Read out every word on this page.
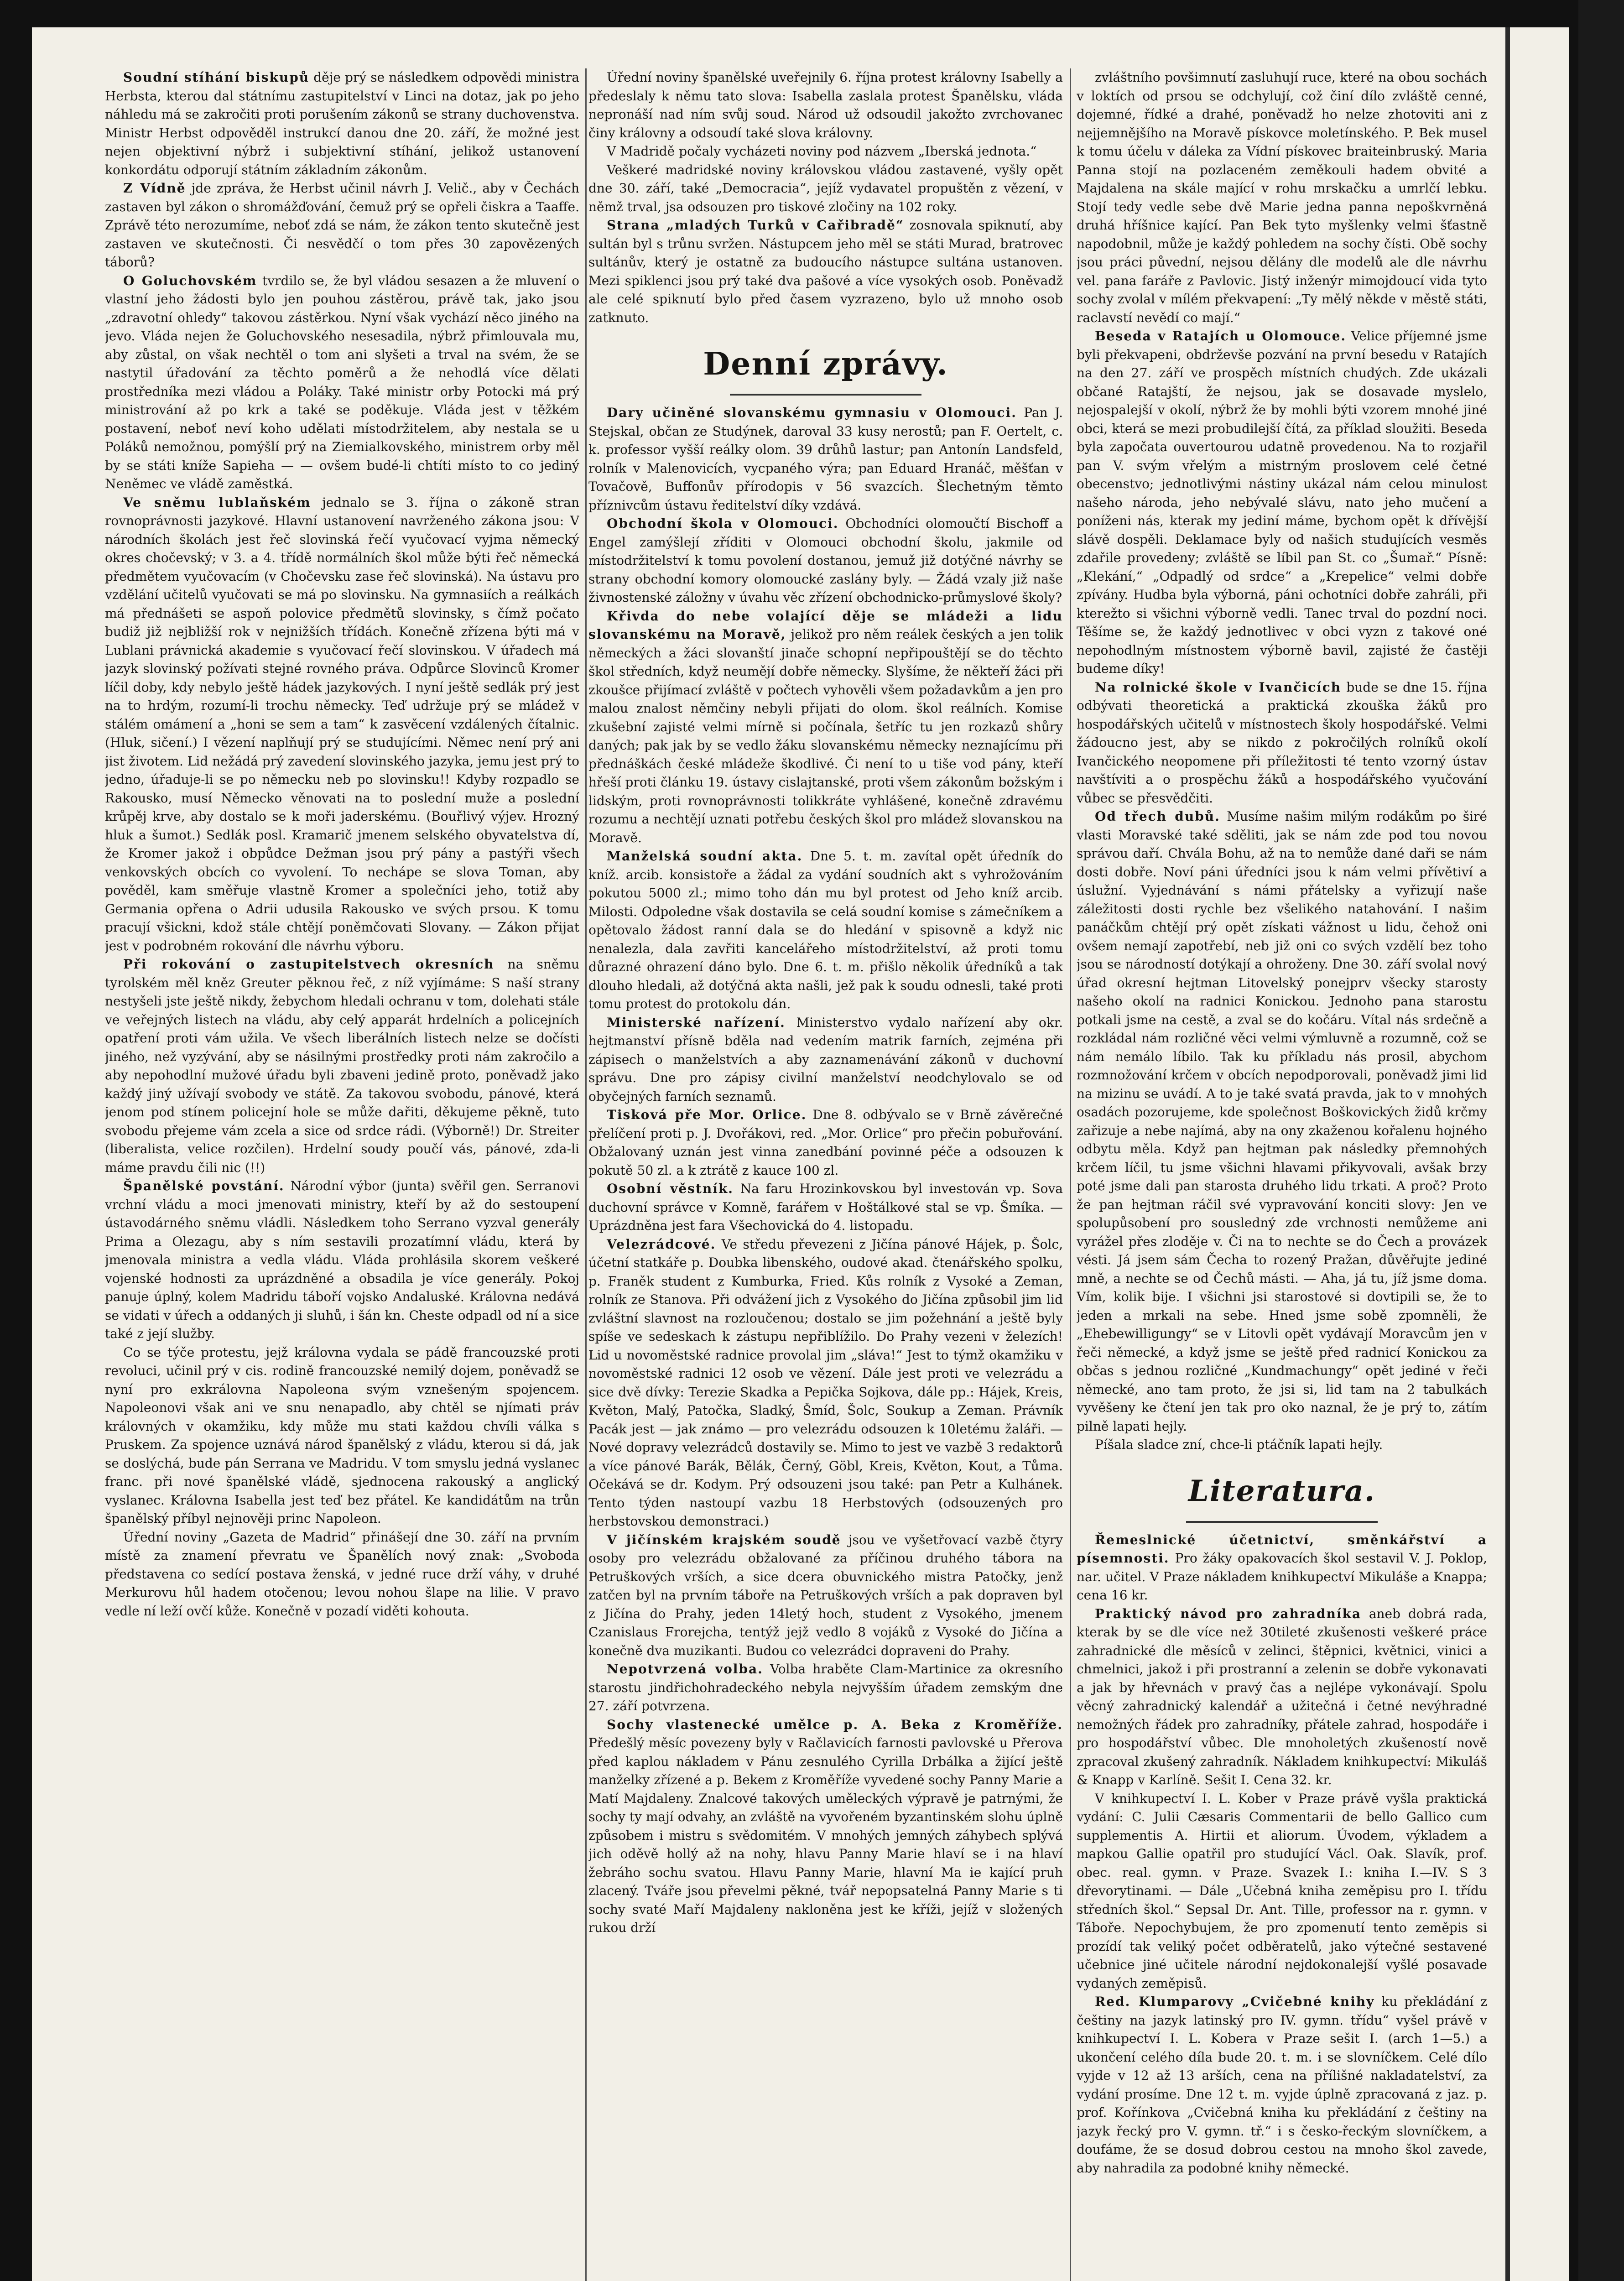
Soudní stíhání biskupů děje prý se následkem odpovědi ministra Herbsta, kterou dal státnímu zastupitelství v Linci na dotaz, jak po jeho náhledu má se zakročiti proti porušením zákonů se strany duchovenstva. Ministr Herbst odpověděl instrukcí danou dne 20. září, že možné jest nejen objektivní nýbrž i subjektivní stíhání, jelikož ustanovení konkordátu odporují státním základním zákonům.

Z Vídně jde zpráva, že Herbst učinil návrh J. Velič., aby v Čechách zastaven byl zákon o shromážďování, čemuž prý se opřeli čiskra a Taaffe. Zprávě této nerozumíme, neboť zdá se nám, že zákon tento skutečně jest zastaven ve skutečnosti. Či nesvědčí o tom přes 30 zapovězených táborů?

O Goluchovském tvrdilo se, že byl vládou sesazen a že mluvení o vlastní jeho žádosti bylo jen pouhou zástěrou, právě tak, jako jsou „zdravotní ohledy“ takovou zástěrkou. Nyní však vychází něco jiného na jevo. Vláda nejen že Goluchovského nesesadila, nýbrž přimlouvala mu, aby zůstal, on však nechtěl o tom ani slyšeti a trval na svém, že se nastytil úřadování za těchto poměrů a že nehodlá více dělati prostředníka mezi vládou a Poláky. Také ministr orby Potocki má prý ministrování až po krk a také se poděkuje. Vláda jest v těžkém postavení, neboť neví koho udělati místodržitelem, aby nestala se u Poláků nemožnou, pomýšlí prý na Ziemialkovského, ministrem orby měl by se státi kníže Sapieha — — ovšem budé-li chtíti místo to co jediný Neněmec ve vládě zaměstká.

Ve sněmu lublaňském jednalo se 3. října o zákoně stran rovnoprávnosti jazykové. Hlavní ustanovení navrženého zákona jsou: V národních školách jest řeč slovinská řečí vyučovací vyjma německý okres chočevský; v 3. a 4. třídě normálních škol může býti řeč německá předmětem vyučovacím (v Chočevsku zase řeč slovinská). Na ústavu pro vzdělání učitelů vyučovati se má po slovinsku. Na gymnasiích a reálkách má přednášeti se aspoň polovice předmětů slovinsky, s čímž počato budiž již nejbližší rok v nejnižších třídách. Konečně zřízena býti má v Lublani právnická akademie s vyučovací řečí slovinskou. V úřadech má jazyk slovinský požívati stejné rovného práva. Odpůrce Slovinců Kromer líčil doby, kdy nebylo ještě hádek jazykových. I nyní ještě sedlák prý jest na to hrdým, rozumí-li trochu německy. Teď udržuje prý se mládež v stálém omámení a „honi se sem a tam“ k zasvěcení vzdálených čítalnic. (Hluk, sičení.) I vězení naplňují prý se studujícími. Němec není prý ani jist životem. Lid nežádá prý zavedení slovinského jazyka, jemu jest prý to jedno, úřaduje-li se po německu neb po slovinsku!! Kdyby rozpadlo se Rakousko, musí Německo věnovati na to poslední muže a poslední krůpěj krve, aby dostalo se k moři jaderskému. (Bouřlivý výjev. Hrozný hluk a šumot.) Sedlák posl. Kramarič jmenem selského obyvatelstva dí, že Kromer jakož i obpůdce Dežman jsou prý pány a pastýři všech venkovských obcích co vyvolení. To nechápe se slova Toman, aby pověděl, kam směřuje vlastně Kromer a společníci jeho, totiž aby Germania opřena o Adrii udusila Rakousko ve svých prsou. K tomu pracují všickni, kdož stále chtějí poněmčovati Slovany. — Zákon přijat jest v podrobném rokování dle návrhu výboru.

Při rokování o zastupitelstvech okresních na sněmu tyrolském měl kněz Greuter pěknou řeč, z níž vyjímáme: S naší strany nestyšeli jste ještě nikdy, žebychom hledali ochranu v tom, dolehati stále ve veřejných listech na vládu, aby celý apparát hrdelních a policejních opatření proti vám užila. Ve všech liberálních listech nelze se dočísti jiného, než vyzývání, aby se násilnými prostředky proti nám zakročilo a aby nepohodlní mužové úřadu byli zbaveni jedině proto, poněvadž jako každý jiný užívají svobody ve státě. Za takovou svobodu, pánové, která jenom pod stínem policejní hole se může dařiti, děkujeme pěkně, tuto svobodu přejeme vám zcela a sice od srdce rádi. (Výborně!) Dr. Streiter (liberalista, velice rozčilen). Hrdelní soudy poučí vás, pánové, zda-li máme pravdu čili nic (!!)

Španělské povstání. Národní výbor (junta) svěřil gen. Serranovi vrchní vládu a moci jmenovati ministry, kteří by až do sestoupení ústavodárného sněmu vládli. Následkem toho Serrano vyzval generály Prima a Olezagu, aby s ním sestavili prozatímní vládu, která by jmenovala ministra a vedla vládu. Vláda prohlásila skorem veškeré vojenské hodnosti za uprázdněné a obsadila je více generály. Pokoj panuje úplný, kolem Madridu táboří vojsko Andaluské. Královna nedává se vidati v úřech a oddaných ji sluhů, i šán kn. Cheste odpadl od ní a sice také z její služby.

Co se týče protestu, jejž královna vydala se pádě francouzské proti revoluci, učinil prý v cis. rodině francouzské nemilý dojem, poněvadž se nyní pro exkrálovna Napoleona svým vznešeným spojencem. Napoleonovi však ani ve snu nenapadlo, aby chtěl se njímati práv královných v okamžiku, kdy může mu stati každou chvíli válka s Pruskem. Za spojence uznává národ španělský z vládu, kterou si dá, jak se doslýchá, bude pán Serrana ve Madridu. V tom smyslu jedná vyslanec franc. při nové španělské vládě, sjednocena rakouský a anglický vyslanec. Královna Isabella jest teď bez přátel. Ke kandidátům na trůn španělský příbyl nejnověji princ Napoleon.

Úřední noviny „Gazeta de Madrid“ přinášejí dne 30. září na prvním místě za znamení převratu ve Španělích nový znak: „Svoboda představena co sedící postava ženská, v jedné ruce drží váhy, v druhé Merkurovu hůl hadem otočenou; levou nohou šlape na lilie. V pravo vedle ní leží ovčí kůže. Konečně v pozadí viděti kohouta.

Úřední noviny španělské uveřejnily 6. října protest královny Isabelly a předeslaly k němu tato slova: Isabella zaslala protest Španělsku, vláda nepronáší nad ním svůj soud. Národ už odsoudil jakožto zvrchovanec činy královny a odsoudí také slova královny.

V Madridě počaly vycházeti noviny pod názvem „Iberská jednota.“

Veškeré madridské noviny královskou vládou zastavené, vyšly opět dne 30. září, také „Democracia“, jejíž vydavatel propuštěn z vězení, v němž trval, jsa odsouzen pro tiskové zločiny na 102 roky.

Strana „mladých Turků v Cařibradě“ zosnovala spiknutí, aby sultán byl s trůnu svržen. Nástupcem jeho měl se státi Murad, bratrovec sultánův, který je ostatně za budoucího nástupce sultána ustanoven. Mezi spiklenci jsou prý také dva pašové a více vysokých osob. Poněvadž ale celé spiknutí bylo před časem vyzrazeno, bylo už mnoho osob zatknuto.

Denní zprávy.

Dary učiněné slovanskému gymnasiu v Olomouci. Pan J. Stejskal, občan ze Studýnek, daroval 33 kusy nerostů; pan F. Oertelt, c. k. professor vyšší reálky olom. 39 drůhů lastur; pan Antonín Landsfeld, rolník v Malenovicích, vycpaného výra; pan Eduard Hranáč, měšťan v Tovačově, Buffonův přírodopis v 56 svazcích. Šlechetným těmto příznivcům ústavu ředitelství díky vzdává.

Obchodní škola v Olomouci. Obchodníci olomoučtí Bischoff a Engel zamýšlejí zříditi v Olomouci obchodní školu, jakmile od místodržitelství k tomu povolení dostanou, jemuž již dotýčné návrhy se strany obchodní komory olomoucké zaslány byly. — Žádá vzaly již naše živnostenské záložny v úvahu věc zřízení obchodnicko-průmyslové školy?

Křivda do nebe volající děje se mládeži a lidu slovanskému na Moravě, jelikož pro něm reálek českých a jen tolik německých a žáci slovanští jinače schopní nepřipouštějí se do těchto škol středních, když neumějí dobře německy. Slyšíme, že někteří žáci při zkoušce přijímací zvláště v počtech vyhověli všem požadavkům a jen pro malou znalost němčiny nebyli přijati do olom. škol reálních. Komise zkušební zajisté velmi mírně si počínala, šetříc tu jen rozkazů shůry daných; pak jak by se vedlo žáku slovanskému německy neznajícímu při přednáškách české mládeže škodlivé. Či není to u tiše vod pány, kteří hřeší proti článku 19. ústavy cislajtanské, proti všem zákonům božským i lidským, proti rovnoprávnosti tolikkráte vyhlášené, konečně zdravému rozumu a nechtějí uznati potřebu českých škol pro mládež slovanskou na Moravě.

Manželská soudní akta. Dne 5. t. m. zavítal opět úředník do kníž. arcib. konsistoře a žádal za vydání soudních akt s vyhrožováním pokutou 5000 zl.; mimo toho dán mu byl protest od Jeho kníž arcib. Milosti. Odpoledne však dostavila se celá soudní komise s zámečníkem a opětovalo žádost ranní dala se do hledání v spisovně a když nic nenalezla, dala zavřiti kancelářeho místodržitelství, až proti tomu důrazné ohrazení dáno bylo. Dne 6. t. m. přišlo několik úředníků a tak dlouho hledali, až dotýčná akta našli, jež pak k soudu odnesli, také proti tomu protest do protokolu dán.

Ministerské nařízení. Ministerstvo vydalo nařízení aby okr. hejtmanství přísně bděla nad vedením matrik farních, zejména při zápisech o manželstvích a aby zaznamenávání zákonů v duchovní správu. Dne pro zápisy civilní manželství neodchylovalo se od obyčejných farních seznamů.

Tisková pře Mor. Orlice. Dne 8. odbývalo se v Brně závěrečné přelíčení proti p. J. Dvořákovi, red. „Mor. Orlice“ pro přečin pobuřování. Obžalovaný uznán jest vinna zanedbání povinné péče a odsouzen k pokutě 50 zl. a k ztrátě z kauce 100 zl.

Osobní věstník. Na faru Hrozinkovskou byl investován vp. Sova duchovní správce v Komně, farářem v Hoštálkové stal se vp. Šmíka. — Uprázdněna jest fara Všechovická do 4. listopadu.

Velezrádcové. Ve středu převezeni z Jičína pánové Hájek, p. Šolc, účetní statkáře p. Doubka libenského, oudové akad. čtenářského spolku, p. Franěk student z Kumburka, Fried. Kůs rolník z Vysoké a Zeman, rolník ze Stanova. Při odvážení jich z Vysokého do Jičína způsobil jim lid zvláštní slavnost na rozloučenou; dostalo se jim požehnání a ještě byly spíše ve sedeskach k zástupu nepřiblížilo. Do Prahy vezeni v železích! Lid u novoměstské radnice provolal jim „sláva!“ Jest to týmž okamžiku v novoměstské radnici 12 osob ve vězení. Dále jest proti ve velezrádu a sice dvě dívky: Terezie Skadka a Pepička Sojkova, dále pp.: Hájek, Kreis, Květon, Malý, Patočka, Sladký, Šmíd, Šolc, Soukup a Zeman. Právník Pacák jest — jak známo — pro velezrádu odsouzen k 10letému žaláři. — Nové dopravy velezrádců dostavily se. Mimo to jest ve vazbě 3 redaktorů a více pánové Barák, Bělák, Černý, Göbl, Kreis, Květon, Kout, a Tůma. Očekává se dr. Kodym. Prý odsouzeni jsou také: pan Petr a Kulhánek. Tento týden nastoupí vazbu 18 Herbstových (odsouzených pro herbstovskou demonstraci.)

V jičínském krajském soudě jsou ve vyšetřovací vazbě čtyry osoby pro velezrádu obžalované za příčinou druhého tábora na Petruškových vrších, a sice dcera obuvnického mistra Patočky, jenž zatčen byl na prvním táboře na Petruškových vrších a pak dopraven byl z Jičína do Prahy, jeden 14letý hoch, student z Vysokého, jmenem Czanislaus Frorejcha, tentýž jejž vedlo 8 vojáků z Vysoké do Jičína a konečně dva muzikanti. Budou co velezrádci dopraveni do Prahy.

Nepotvrzená volba. Volba hraběte Clam-Martinice za okresního starostu jindřichohradeckého nebyla nejvyšším úřadem zemským dne 27. září potvrzena.

Sochy vlastenecké umělce p. A. Beka z Kroměříže. Předešlý měsíc povezeny byly v Račlavicích farnosti pavlovské u Přerova před kaplou nákladem v Pánu zesnulého Cyrilla Drbálka a žijící ještě manželky zřízené a p. Bekem z Kroměříže vyvedené sochy Panny Marie a Matí Majdaleny. Znalcové takových uměleckých výpravě je patrnými, že sochy ty mají odvahy, an zvláště na vyvořeném byzantinském slohu úplně způsobem i mistru s svědomitém. V mnohých jemných záhybech splývá jich oděvě hollý až na nohy, hlavu Panny Marie hlaví se i na hlaví žebráho sochu svatou. Hlavu Panny Marie, hlavní Ma ie kající pruh zlacený. Tváře jsou převelmi pěkné, tvář nepopsatelná Panny Marie s ti sochy svaté Maří Majdaleny nakloněna jest ke kříži, jejíž v složených rukou drží

zvláštního povšimnutí zasluhují ruce, které na obou sochách v loktích od prsou se odchylují, což činí dílo zvláště cenné, dojemné, řídké a drahé, poněvadž ho nelze zhotoviti ani z nejjemnějšího na Moravě pískovce moletínského. P. Bek musel k tomu účelu v dáleka za Vídní pískovec braiteinbruský. Maria Panna stojí na pozlaceném zeměkouli hadem obvité a Majdalena na skále mající v rohu mrskačku a umrlčí lebku. Stojí tedy vedle sebe dvě Marie jedna panna nepoškvrněná druhá hříšnice kající. Pan Bek tyto myšlenky velmi šťastně napodobnil, může je každý pohledem na sochy čísti. Obě sochy jsou práci půvední, nejsou dělány dle modelů ale dle návrhu vel. pana faráře z Pavlovic. Jistý inženýr mimojdoucí vida tyto sochy zvolal v mílém překvapení: „Ty mělý někde v městě státi, raclavstí nevědí co mají.“

Beseda v Ratajích u Olomouce. Velice příjemné jsme byli překvapeni, obdrževše pozvání na první besedu v Ratajích na den 27. září ve prospěch místních chudých. Zde ukázali občané Ratajští, že nejsou, jak se dosavade myslelo, nejospalejší v okolí, nýbrž že by mohli býti vzorem mnohé jiné obci, která se mezi probudilejší čítá, za příklad sloužiti. Beseda byla započata ouvertourou udatně provedenou. Na to rozjařil pan V. svým vřelým a mistrným proslovem celé četné obecenstvo; jednotlivými nástiny ukázal nám celou minulost našeho národa, jeho nebývalé slávu, nato jeho mučení a poníženi nás, kterak my jediní máme, bychom opět k dřívější slávě dospěli. Deklamace byly od našich studujících vesměs zdařile provedeny; zvláště se líbil pan St. co „Šumař.“ Písně: „Klekání,“ „Odpadlý od srdce“ a „Krepelice“ velmi dobře zpívány. Hudba byla výborná, páni ochotníci dobře zahráli, při kterežto si všichni výborně vedli. Tanec trval do pozdní noci. Těšíme se, že každý jednotlivec v obci vyzn z takové oné nepohodlným místnostem výborně bavil, zajisté že častěji budeme díky!

Na rolnické škole v Ivančicích bude se dne 15. října odbývati theoretická a praktická zkouška žáků pro hospodářských učitelů v místnostech školy hospodářské. Velmi žádoucno jest, aby se nikdo z pokročilých rolníků okolí Ivančického neopomene při příležitosti té tento vzorný ústav navštíviti a o prospěchu žáků a hospodářského vyučování vůbec se přesvědčiti.

Od třech dubů. Musíme našim milým rodákům po širé vlasti Moravské také sděliti, jak se nám zde pod tou novou správou daří. Chvála Bohu, až na to nemůže dané daři se nám dosti dobře. Noví páni úředníci jsou k nám velmi přívětiví a úslužní. Vyjednávání s námi přátelsky a vyřizují naše záležitosti dosti rychle bez všelikého natahování. I našim panáčkům chtějí prý opět získati vážnost u lidu, čehož oni ovšem nemají zapotřebí, neb již oni co svých vzdělí bez toho jsou se národností dotýkají a ohroženy. Dne 30. září svolal nový úřad okresní hejtman Litovelský ponejprv všecky starosty našeho okolí na radnici Konickou. Jednoho pana starostu potkali jsme na cestě, a zval se do kočáru. Vítal nás srdečně a rozkládal nám rozličné věci velmi výmluvně a rozumně, což se nám nemálo líbilo. Tak ku příkladu nás prosil, abychom rozmnožování krčem v obcích nepodporovali, poněvadž jimi lid na mizinu se uvádí. A to je také svatá pravda, jak to v mnohých osadách pozorujeme, kde společnost Boškovických židů krčmy zařizuje a nebe najímá, aby na ony zkaženou kořalenu hojného odbytu měla. Když pan hejtman pak následky přemnohých krčem líčil, tu jsme všichni hlavami přikyvovali, avšak brzy poté jsme dali pan starosta druhého lidu trkati. A proč? Proto že pan hejtman ráčil své vypravování konciti slovy: Jen ve spolupůsobení pro sousledný zde vrchnosti nemůžeme ani vyrážel přes zloděje v. Či na to nechte se do Čech a provázek vésti. Já jsem sám Čecha to rozený Pražan, důvěřujte jediné mně, a nechte se od Čechů másti. — Aha, já tu, jíž jsme doma. Vím, kolik bije. I všichni jsi starostové si dovtipili se, že to jeden a mrkali na sebe. Hned jsme sobě zpomněli, že „Ehebewilligungy“ se v Litovli opět vydávají Moravcům jen v řeči německé, a když jsme se ještě před radnicí Konickou za občas s jednou rozličné „Kundmachungy“ opět jediné v řeči německé, ano tam proto, že jsi si, lid tam na 2 tabulkách vyvěšeny ke čtení jen tak pro oko naznal, že je prý to, zátím pilně lapati hejly.

Píšala sladce zní, chce-li ptáčník lapati hejly.

Literatura.

Řemeslnické účetnictví, směnkářství a písemnosti. Pro žáky opakovacích škol sestavil V. J. Poklop, nar. učitel. V Praze nákladem knihkupectví Mikuláše a Knappa; cena 16 kr.

Praktický návod pro zahradníka aneb dobrá rada, kterak by se dle více než 30tileté zkušenosti veškeré práce zahradnické dle měsíců v zelinci, štěpnici, květnici, vinici a chmelnici, jakož i při prostranní a zelenin se dobře vykonavati a jak by hřevnách v pravý čas a nejlépe vykonávají. Spolu věcný zahradnický kalendář a užitečná i četné nevýhradné nemožných řádek pro zahradníky, přátele zahrad, hospodáře i pro hospodářství vůbec. Dle mnoholetých zkušeností nově zpracoval zkušený zahradník. Nákladem knihkupectví: Mikuláš & Knapp v Karlíně. Sešit I. Cena 32. kr.

V knihkupectví I. L. Kober v Praze právě vyšla praktická vydání: C. Julii Cæsaris Commentarii de bello Gallico cum supplementis A. Hirtii et aliorum. Úvodem, výkladem a mapkou Gallie opatřil pro studující Václ. Oak. Slavík, prof. obec. real. gymn. v Praze. Svazek I.: kniha I.—IV. S 3 dřevorytinami. — Dále „Učebná kniha zeměpisu pro I. třídu středních škol.“ Sepsal Dr. Ant. Tille, professor na r. gymn. v Táboře. Nepochybujem, že pro zpomenutí tento zeměpis si prozídí tak veliký počet odběratelů, jako výtečné sestavené učebnice jiné učitele národní nejdokonalejší vyšlé posavade vydaných zeměpisů.

Red. Klumparovy „Cvičebné knihy ku překládání z češtiny na jazyk latinský pro IV. gymn. třídu“ vyšel právě v knihkupectví I. L. Kobera v Praze sešit I. (arch 1—5.) a ukončení celého díla bude 20. t. m. i se slovníčkem. Celé dílo vyjde v 12 až 13 arších, cena na přílišné nakladatelství, za vydání prosíme. Dne 12 t. m. vyjde úplně zpracovaná z jaz. p. prof. Kořínkova „Cvičebná kniha ku překládání z češtiny na jazyk řecký pro V. gymn. tř.“ i s česko-řeckým slovníčkem, a doufáme, že se dosud dobrou cestou na mnoho škol zavede, aby nahradila za podobné knihy německé.
